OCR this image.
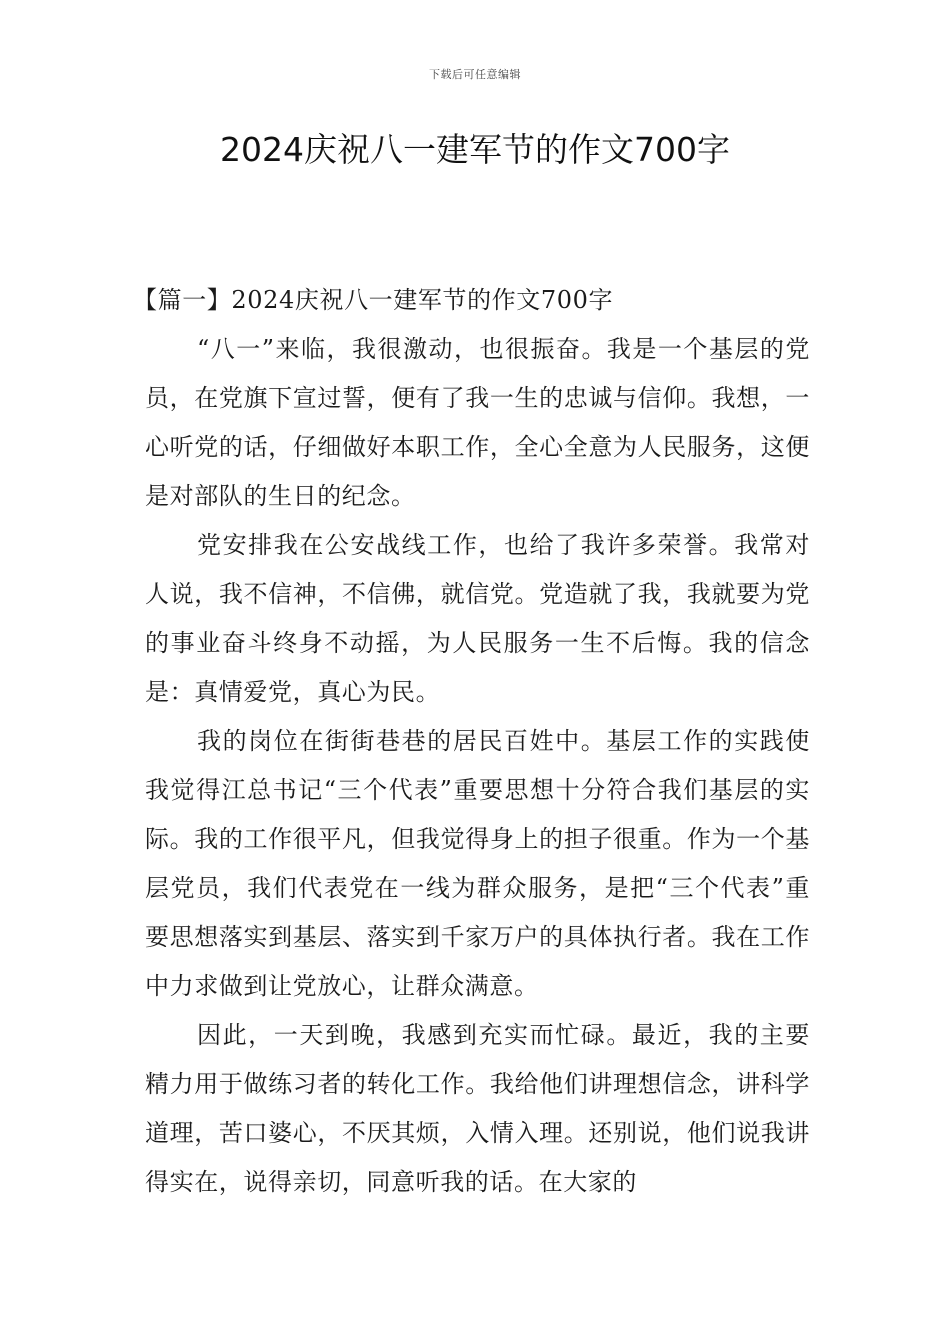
下载后可任意编辑
2024庆祝八一建军节的作文700字

【篇一】2024庆祝八一建军节的作文700字

“八一”来临，我很激动，也很振奋。我是一个基层的党员，在党旗下宣过誓，便有了我一生的忠诚与信仰。我想，一心听党的话，仔细做好本职工作，全心全意为人民服务，这便是对部队的生日的纪念。

党安排我在公安战线工作，也给了我许多荣誉。我常对人说，我不信神，不信佛，就信党。党造就了我，我就要为党的事业奋斗终身不动摇，为人民服务一生不后悔。我的信念是：真情爱党，真心为民。

我的岗位在街街巷巷的居民百姓中。基层工作的实践使我觉得江总书记“三个代表”重要思想十分符合我们基层的实际。我的工作很平凡，但我觉得身上的担子很重。作为一个基层党员，我们代表党在一线为群众服务，是把“三个代表”重要思想落实到基层、落实到千家万户的具体执行者。我在工作中力求做到让党放心，让群众满意。

因此，一天到晚，我感到充实而忙碌。最近，我的主要精力用于做练习者的转化工作。我给他们讲理想信念，讲科学道理，苦口婆心，不厌其烦，入情入理。还别说，他们说我讲得实在，说得亲切，同意听我的话。在大家的
